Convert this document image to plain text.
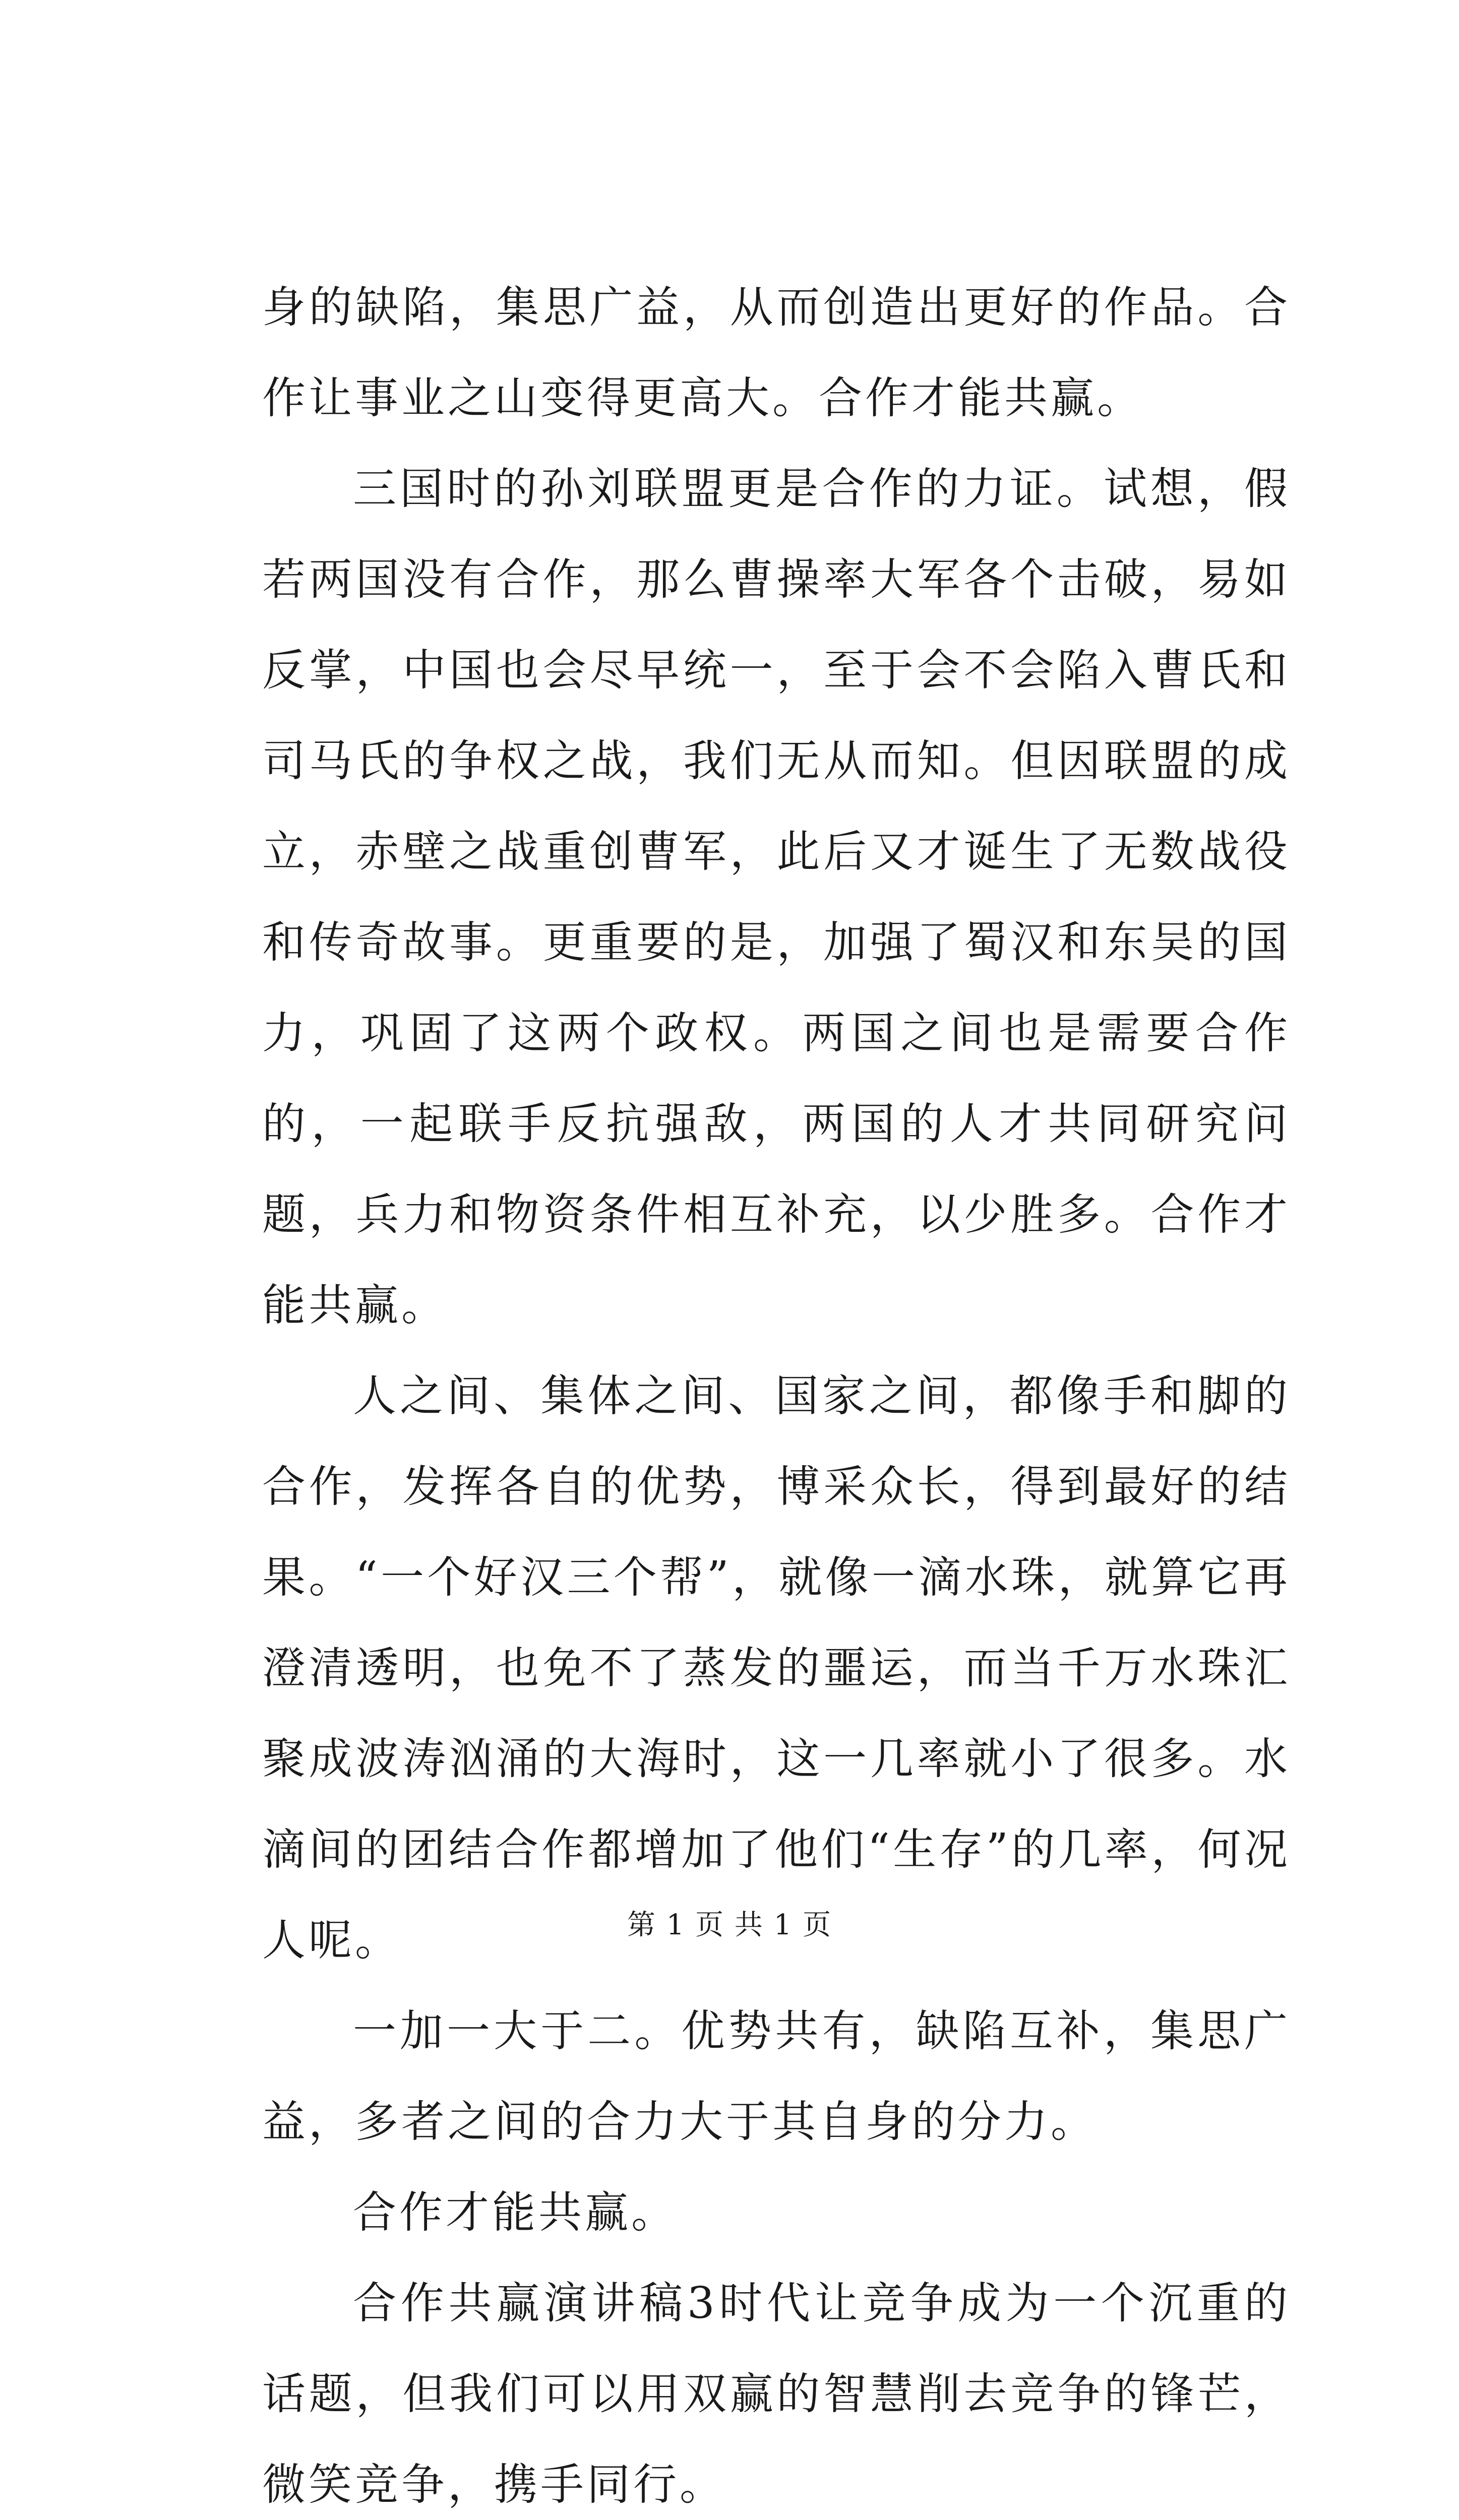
身的缺陷，集思广益，从而创造出更好的作品。合作让事业之山变得更高大。合作才能共赢。

三国时的孙刘联盟更是合作的力证。试想，假若两国没有合作，那么曹操率大军各个击破，易如反掌，中国也会尽早统一，至于会不会陷入曹氏和司马氏的争权之战，我们无从而知。但因联盟的成立，赤壁之战重创曹军，此后又才诞生了无数战役和传奇故事。更重要的是，加强了蜀汉和东吴的国力，巩固了这两个政权。两国之间也是需要合作的，一起联手反抗强敌，两国的人才共同研究问题，兵力和物资条件相互补充，以少胜多。合作才能共赢。

人之间、集体之间、国家之间，都像手和脚的合作，发挥各自的优势，博采众长，得到最好的结果。“一个好汉三个帮”，就像一滴水珠，就算它再澄清透明，也免不了蒸发的噩运，而当千万水珠汇聚成波涛汹涌的大海时，这一几率就小了很多。水滴间的团结合作都增加了他们“生存”的几率，何况人呢。

一加一大于二。优势共有，缺陷互补，集思广益，多者之间的合力大于其自身的分力。

合作才能共赢。

合作共赢演讲稿3时代让竞争成为一个沉重的话题，但我们可以用双赢的智慧削去竞争的锋芒，微笑竞争，携手同行。

第 1 页 共 1 页
